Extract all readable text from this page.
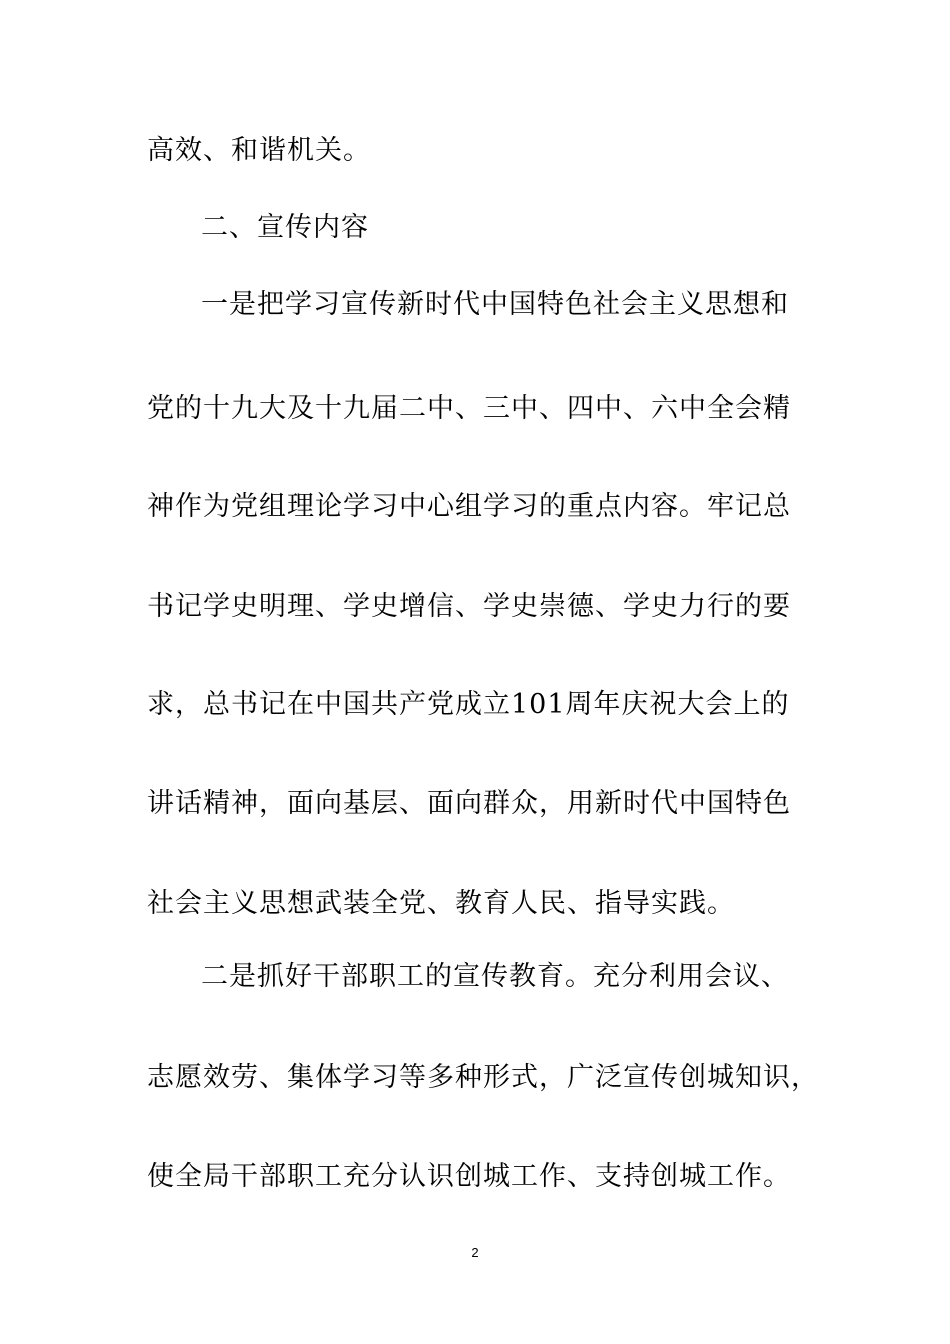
高效、和谐机关。
二、宣传内容
一是把学习宣传新时代中国特色社会主义思想和
党的十九大及十九届二中、三中、四中、六中全会精
神作为党组理论学习中心组学习的重点内容。牢记总
书记学史明理、学史增信、学史崇德、学史力行的要
求，总书记在中国共产党成立101周年庆祝大会上的
讲话精神，面向基层、面向群众，用新时代中国特色
社会主义思想武装全党、教育人民、指导实践。
二是抓好干部职工的宣传教育。充分利用会议、
志愿效劳、集体学习等多种形式，广泛宣传创城知识，
使全局干部职工充分认识创城工作、支持创城工作。
2
